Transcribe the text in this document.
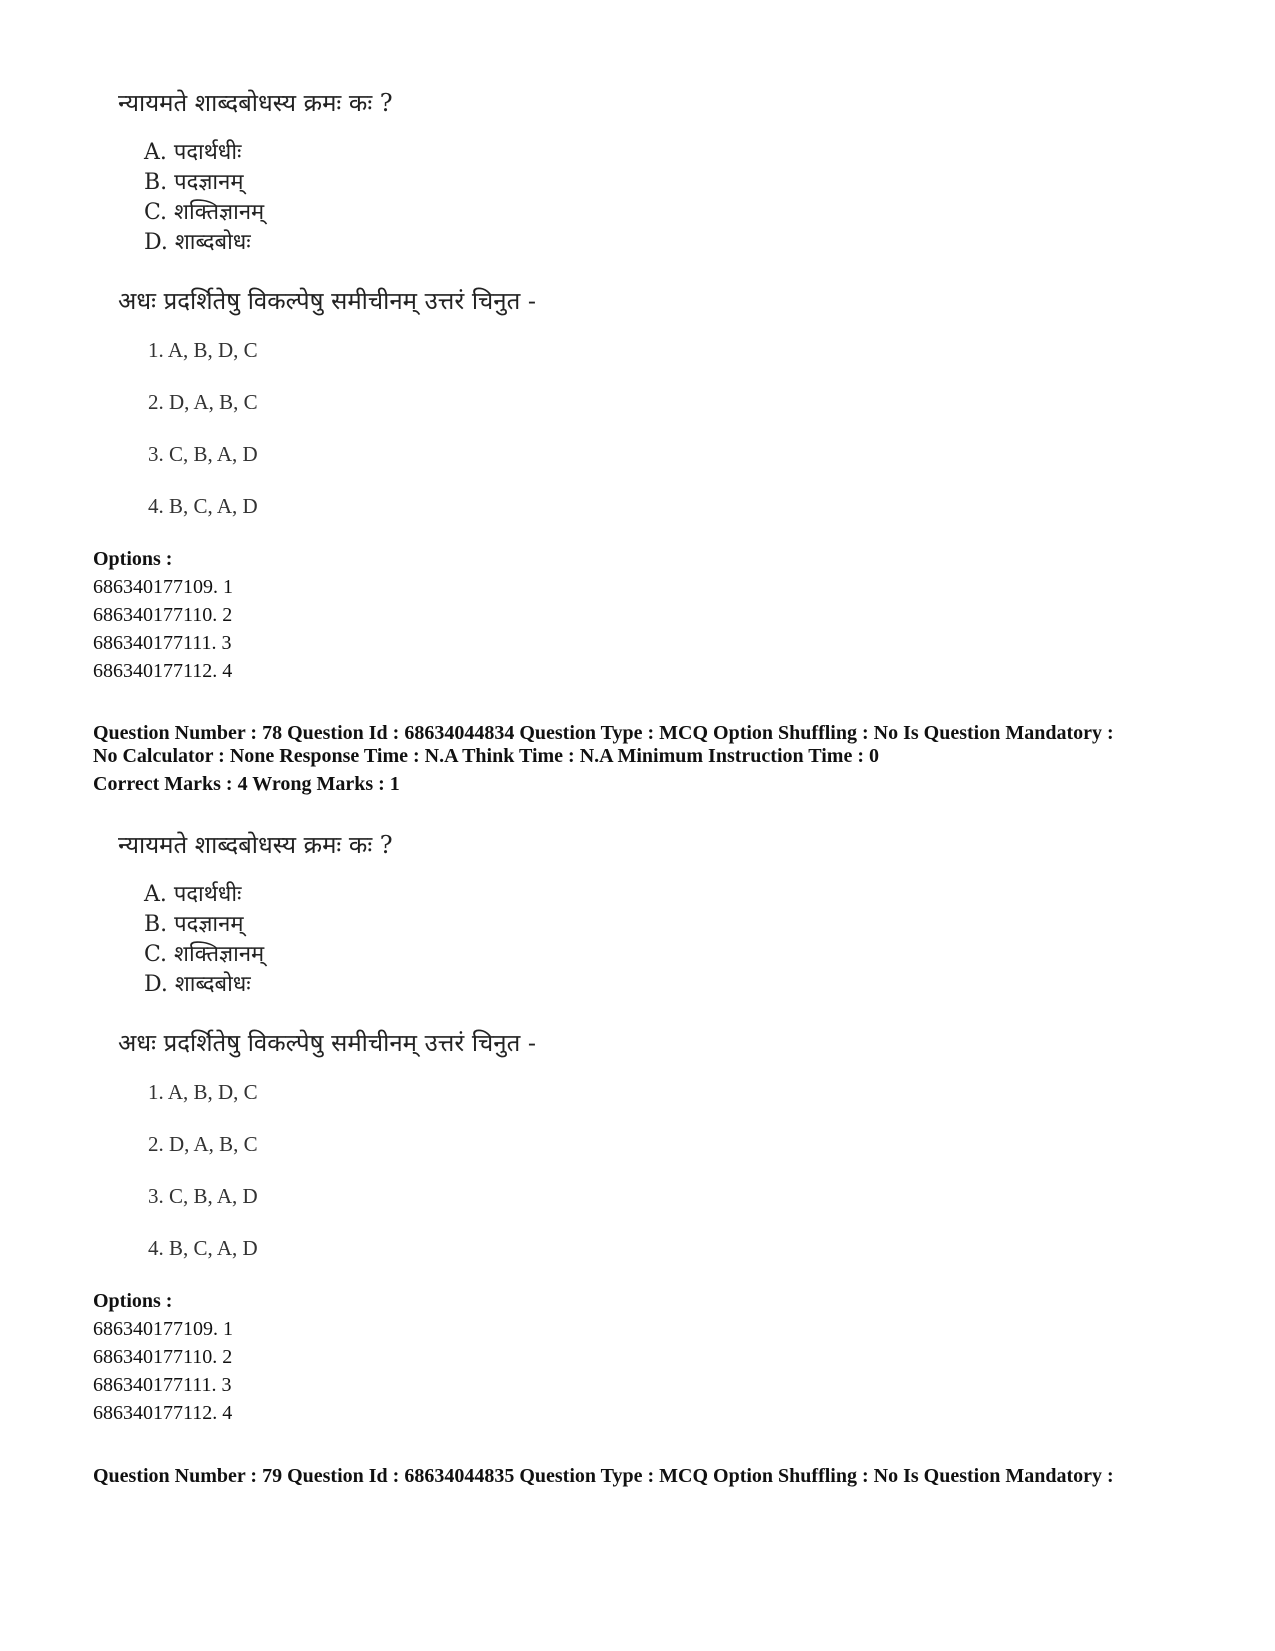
न्यायमते शाब्दबोधस्य क्रमः कः ?
A. पदार्थधीः
B. पदज्ञानम्
C. शक्तिज्ञानम्
D. शाब्दबोधः
अधः प्रदर्शितेषु विकल्पेषु समीचीनम् उत्तरं चिनुत -
1. A, B, D, C
2. D, A, B, C
3. C, B, A, D
4. B, C, A, D
Options :
686340177109. 1
686340177110. 2
686340177111. 3
686340177112. 4
Question Number : 78 Question Id : 68634044834 Question Type : MCQ Option Shuffling : No Is Question Mandatory :
No Calculator : None Response Time : N.A Think Time : N.A Minimum Instruction Time : 0
Correct Marks : 4 Wrong Marks : 1
न्यायमते शाब्दबोधस्य क्रमः कः ?
A. पदार्थधीः
B. पदज्ञानम्
C. शक्तिज्ञानम्
D. शाब्दबोधः
अधः प्रदर्शितेषु विकल्पेषु समीचीनम् उत्तरं चिनुत -
1. A, B, D, C
2. D, A, B, C
3. C, B, A, D
4. B, C, A, D
Options :
686340177109. 1
686340177110. 2
686340177111. 3
686340177112. 4
Question Number : 79 Question Id : 68634044835 Question Type : MCQ Option Shuffling : No Is Question Mandatory :
